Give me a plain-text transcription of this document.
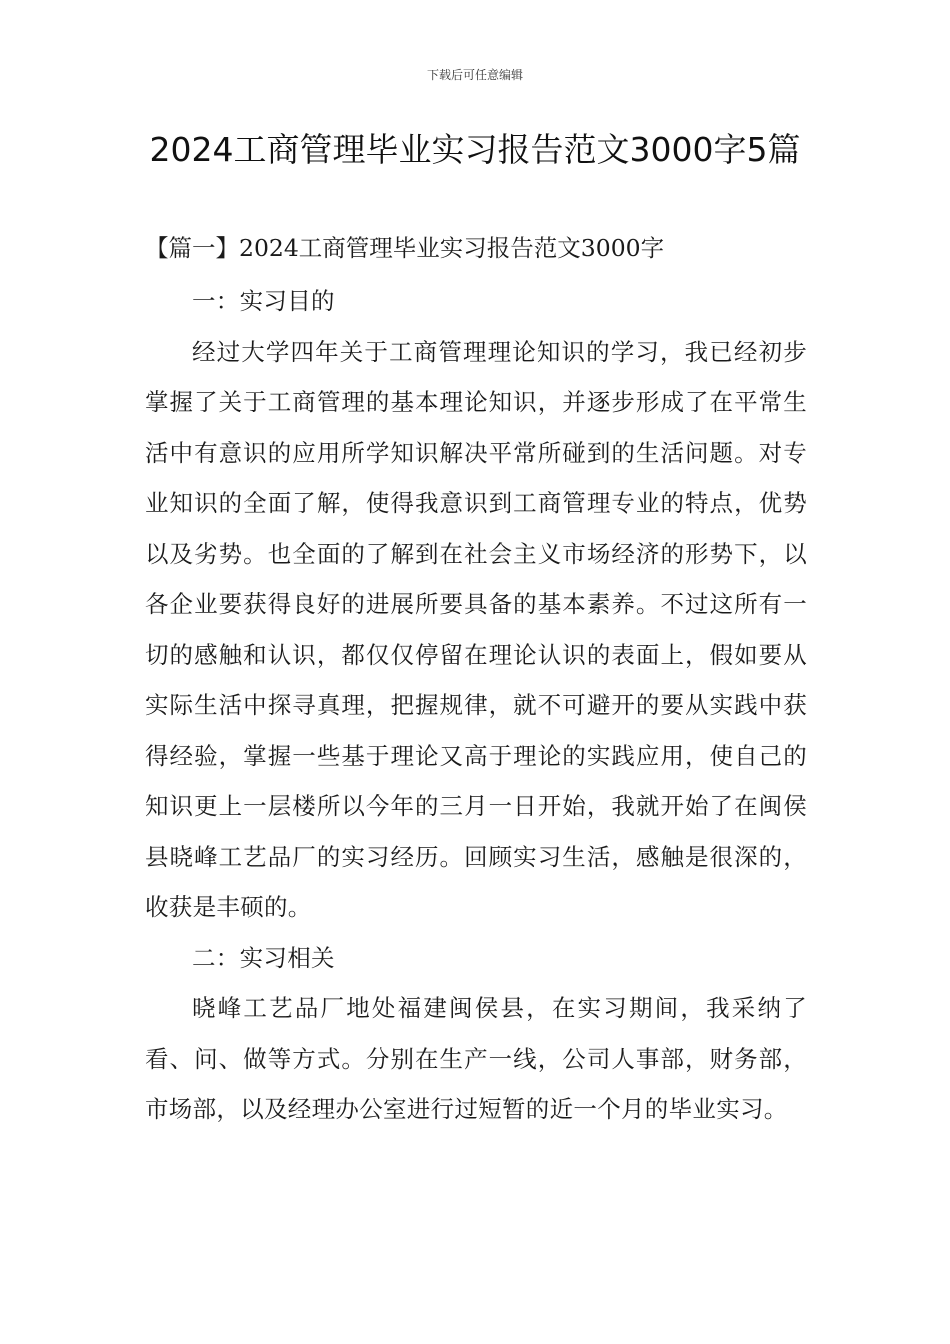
下载后可任意编辑
2024工商管理毕业实习报告范文3000字5篇
【篇一】2024工商管理毕业实习报告范文3000字

一：实习目的

经过大学四年关于工商管理理论知识的学习，我已经初步掌握了关于工商管理的基本理论知识，并逐步形成了在平常生活中有意识的应用所学知识解决平常所碰到的生活问题。对专业知识的全面了解，使得我意识到工商管理专业的特点，优势以及劣势。也全面的了解到在社会主义市场经济的形势下，以各企业要获得良好的进展所要具备的基本素养。不过这所有一切的感触和认识，都仅仅停留在理论认识的表面上，假如要从实际生活中探寻真理，把握规律，就不可避开的要从实践中获得经验，掌握一些基于理论又高于理论的实践应用，使自己的知识更上一层楼所以今年的三月一日开始，我就开始了在闽侯县晓峰工艺品厂的实习经历。回顾实习生活，感触是很深的，收获是丰硕的。

二：实习相关

晓峰工艺品厂地处福建闽侯县，在实习期间，我采纳了看、问、做等方式。分别在生产一线，公司人事部，财务部，市场部，以及经理办公室进行过短暂的近一个月的毕业实习。
